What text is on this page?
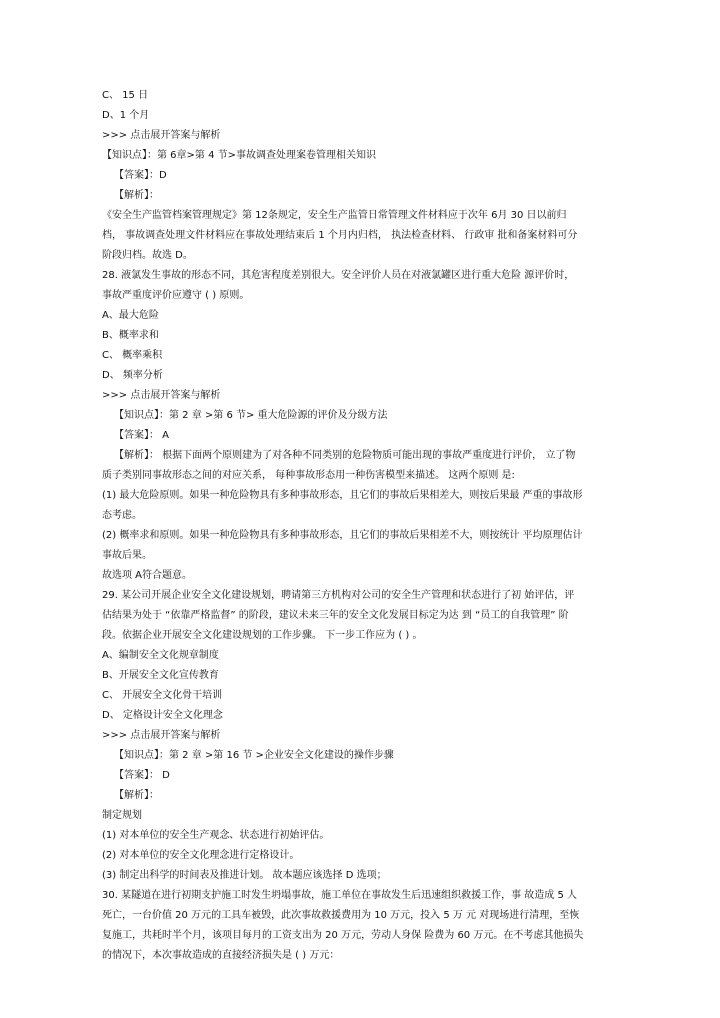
C、 15 日
D、1 个月
>>> 点击展开答案与解析
【知识点】：第 6章>第 4 节>事故调查处理案卷管理相关知识
【答案】：D
【解析】：
《安全生产监管档案管理规定》第 12条规定，安全生产监管日常管理文件材料应于次年 6月 30 日以前归
档， 事故调查处理文件材料应在事故处理结束后 1 个月内归档， 执法检查材料、 行政审 批和备案材料可分
阶段归档。故选 D。
28. 液氯发生事故的形态不同，其危害程度差别很大。安全评价人员在对液氯罐区进行重大危险 源评价时，
事故严重度评价应遵守 ( ) 原则。
A、最大危险
B、概率求和
C、 概率乘积
D、 频率分析
>>> 点击展开答案与解析
【知识点】：第 2 章 >第 6 节> 重大危险源的评价及分级方法
【答案】： A
【解析】： 根据下面两个原则建为了对各种不同类别的危险物质可能出现的事故严重度进行评价， 立了物
质子类别同事故形态之间的对应关系， 每种事故形态用一种伤害模型来描述。 这两个原则 是:
(1) 最大危险原则。如果一种危险物具有多种事故形态，且它们的事故后果相差大，则按后果最 严重的事故形
态考虑。
(2) 概率求和原则。如果一种危险物具有多种事故形态，且它们的事故后果相差不大，则按统计 平均原理估计
事故后果。
故选项 A符合题意。
29. 某公司开展企业安全文化建设规划，聘请第三方机构对公司的安全生产管理和状态进行了初 始评估，评
估结果为处于 “依靠严格监督” 的阶段，建议未来三年的安全文化发展目标定为达 到 “员工的自我管理” 阶
段。依据企业开展安全文化建设规划的工作步骤。 下一步工作应为 ( ) 。
A、编制安全文化规章制度
B、开展安全文化宣传教育
C、 开展安全文化骨干培训
D、 定格设计安全文化理念
>>> 点击展开答案与解析
【知识点】：第 2 章 >第 16 节 >企业安全文化建设的操作步骤
【答案】： D
【解析】：
制定规划
(1) 对本单位的安全生产观念、状态进行初始评估。
(2) 对本单位的安全文化理念进行定格设计。
(3) 制定出科学的时间表及推进计划。 故本题应该选择 D 选项；
30. 某隧道在进行初期支护施工时发生坍塌事故，施工单位在事故发生后迅速组织救援工作，事 故造成 5 人
死亡，一台价值 20 万元的工具车被毁，此次事故救援费用为 10 万元，投入 5 万 元 对现场进行清理，至恢
复施工，共耗时半个月，该项目每月的工资支出为 20 万元，劳动人身保 险费为 60 万元。在不考虑其他损失
的情况下，本次事故造成的直接经济损失是 ( ) 万元：
